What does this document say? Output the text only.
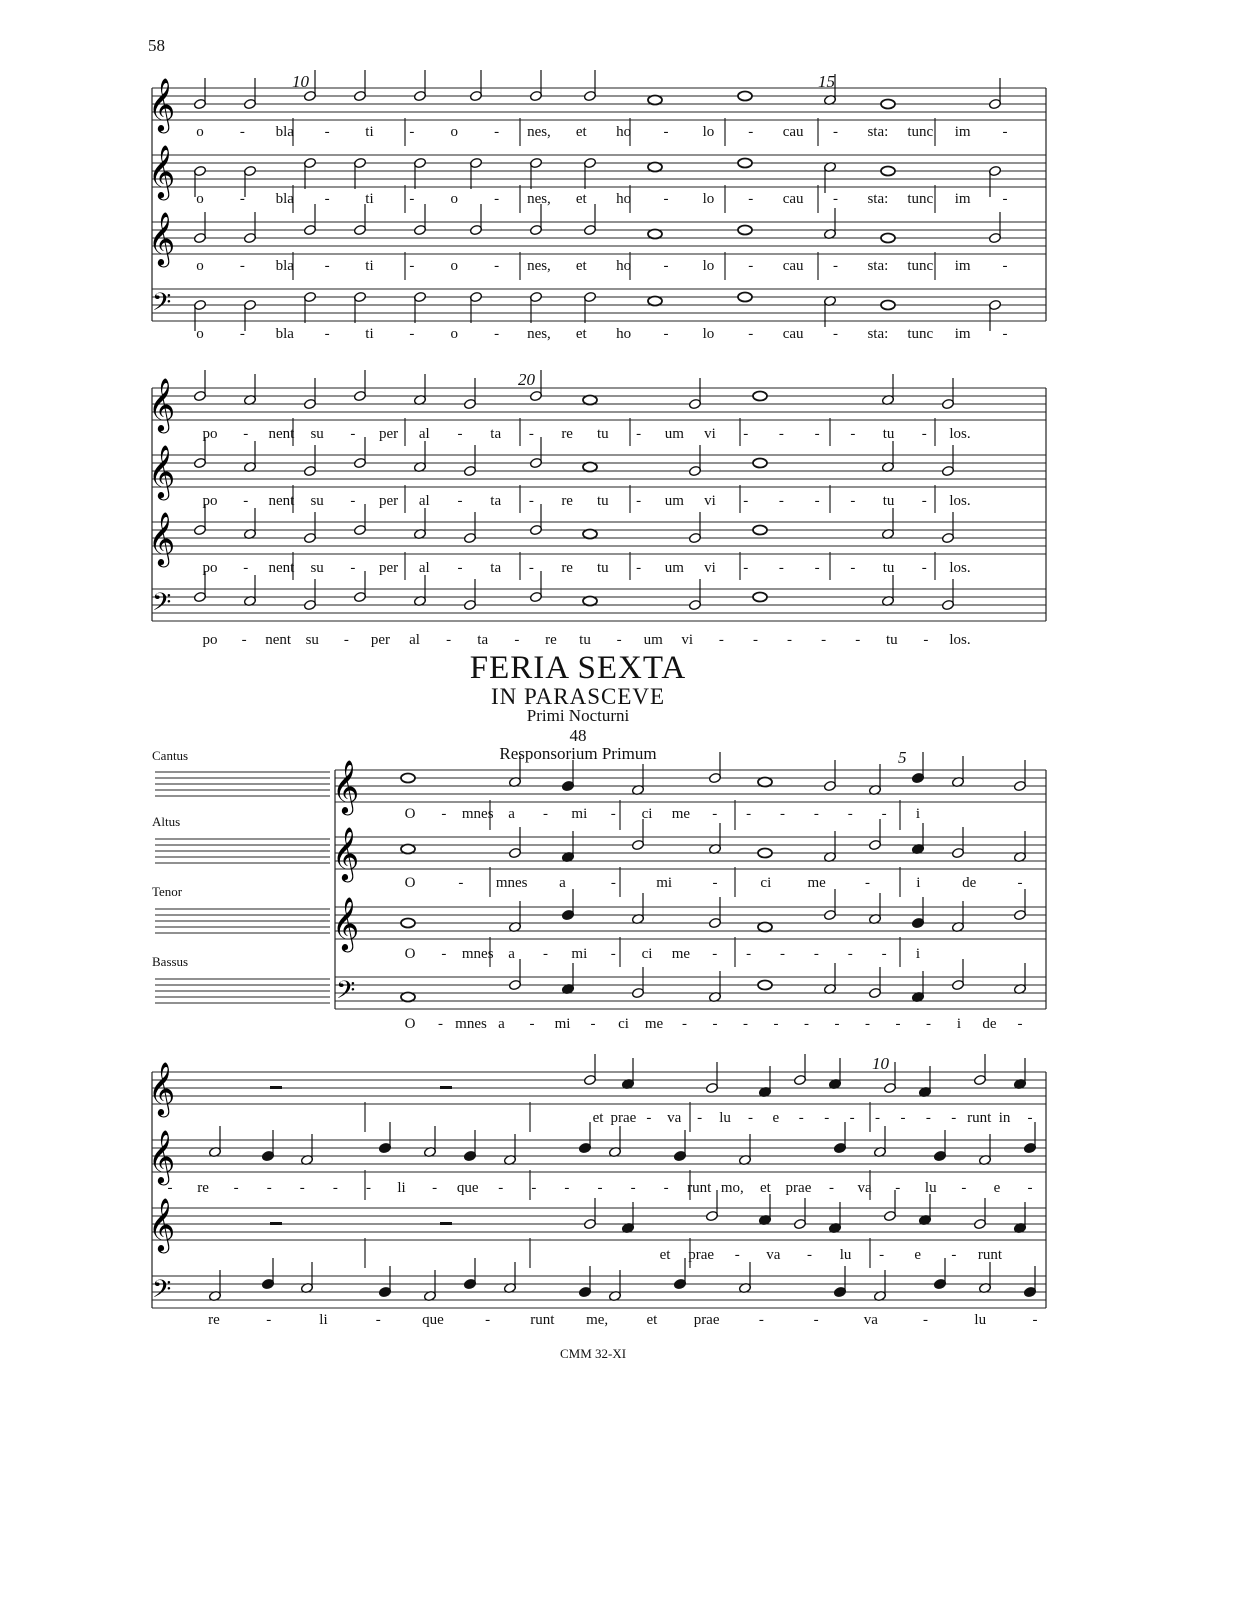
58
𝄞
𝄞
𝄞
𝄢
𝄞
𝄞
𝄞
𝄢
𝄞
𝄞
𝄞
𝄢
𝄞
𝄞
𝄞
𝄢
10	15
20
5
10
FERIA SEXTA
IN PARASCEVE
Primi Nocturni
48
Responsorium Primum
Cantus
Altus
Tenor
Bassus
o - bla - ti - o - nes, et ho - lo - cau - sta: tunc im -
o - bla - ti - o - nes, et ho - lo - cau - sta: tunc im -
o - bla - ti - o - nes, et ho - lo - cau - sta: tunc im -
o - bla - ti - o - nes, et ho - lo - cau - sta: tunc im -
po - nent su - per al - ta - re tu - um vi - - - - tu - los.
po - nent su - per al - ta - re tu - um vi - - - - tu - los.
po - nent su - per al - ta - re tu - um vi - - - - tu - los.
po - nent su - per al - ta - re tu - um vi - - - - - tu - los.
O - mnes a - mi - ci me - - - - - - i
O	- mnes a	-	mi	-	ci me	-	i	de	-
O - mnes a - mi - ci me - - - - - - i
O - mnes a - mi - ci me - - - - - - - - - i de -
et prae - va - lu - e - - - - - - - runt in -
- re - - - - - li - que - - - - - - runt mo, et prae - va - lu - e -
et prae - va - lu - e - runt
re	-	li	-	que	-	runt me,	et prae	-	-	va	-	lu	-
CMM 32-XI
